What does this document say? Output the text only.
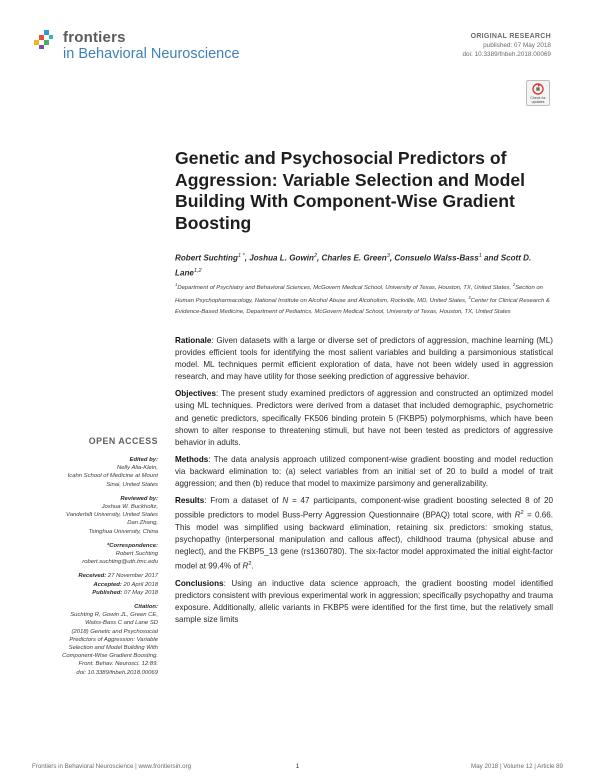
frontiers
in Behavioral Neuroscience
ORIGINAL RESEARCH
published: 07 May 2018
doi: 10.3389/fnbeh.2018.00069
Check for updates
Genetic and Psychosocial Predictors of Aggression: Variable Selection and Model Building With Component-Wise Gradient Boosting
Robert Suchting$^{1 *}$, Joshua L. Gowin$^2$, Charles E. Green$^3$, Consuelo Walss-Bass$^1$ and Scott D. Lane$^{1,2}$
$^1$Department of Psychiatry and Behavioral Sciences, McGovern Medical School, University of Texas, Houston, TX, United States, $^2$Section on Human Psychopharmacology, National Institute on Alcohol Abuse and Alcoholism, Rockville, MD, United States, $^3$Center for Clinical Research & Evidence-Based Medicine, Department of Pediatrics, McGovern Medical School, University of Texas, Houston, TX, United States

Rationale: Given datasets with a large or diverse set of predictors of aggression, machine learning (ML) provides efficient tools for identifying the most salient variables and building a parsimonious statistical model. ML techniques permit efficient exploration of data, have not been widely used in aggression research, and may have utility for those seeking prediction of aggressive behavior.

Objectives: The present study examined predictors of aggression and constructed an optimized model using ML techniques. Predictors were derived from a dataset that included demographic, psychometric and genetic predictors, specifically FK506 binding protein 5 (FKBP5) polymorphisms, which have been shown to alter response to threatening stimuli, but have not been tested as predictors of aggressive behavior in adults.

Methods: The data analysis approach utilized component-wise gradient boosting and model reduction via backward elimination to: (a) select variables from an initial set of 20 to build a model of trait aggression; and then (b) reduce that model to maximize parsimony and generalizability.

Results: From a dataset of N = 47 participants, component-wise gradient boosting selected 8 of 20 possible predictors to model Buss-Perry Aggression Questionnaire (BPAQ) total score, with $R^2 = 0.66$. This model was simplified using backward elimination, retaining six predictors: smoking status, psychopathy (interpersonal manipulation and callous affect), childhood trauma (physical abuse and neglect), and the FKBP5_13 gene (rs1360780). The six-factor model approximated the initial eight-factor model at 99.4% of $R^2$.

Conclusions: Using an inductive data science approach, the gradient boosting model identified predictors consistent with previous experimental work in aggression; specifically psychopathy and trauma exposure. Additionally, allelic variants in FKBP5 were identified for the first time, but the relatively small sample size limits

OPEN ACCESS
Edited by:
Nelly Alia-Klein,
Icahn School of Medicine at Mount
Sinai, United States
Reviewed by:
Joshua W. Buckholtz,
Vanderbilt University, United States
Dan Zhang,
Tsinghua University, China
*Correspondence:
Robert Suchting
robert.suchting@uth.tmc.edu
Received: 27 November 2017
Accepted: 20 April 2018
Published: 07 May 2018
Citation:
Suchting R, Gowin JL, Green CE,
Walss-Bass C and Lane SD
(2018) Genetic and Psychosocial
Predictors of Aggression: Variable
Selection and Model Building With
Component-Wise Gradient Boosting.
Front. Behav. Neurosci. 12:89.
doi: 10.3389/fnbeh.2018.00069
Frontiers in Behavioral Neuroscience | www.frontiersin.org	1	May 2018 | Volume 12 | Article 89
